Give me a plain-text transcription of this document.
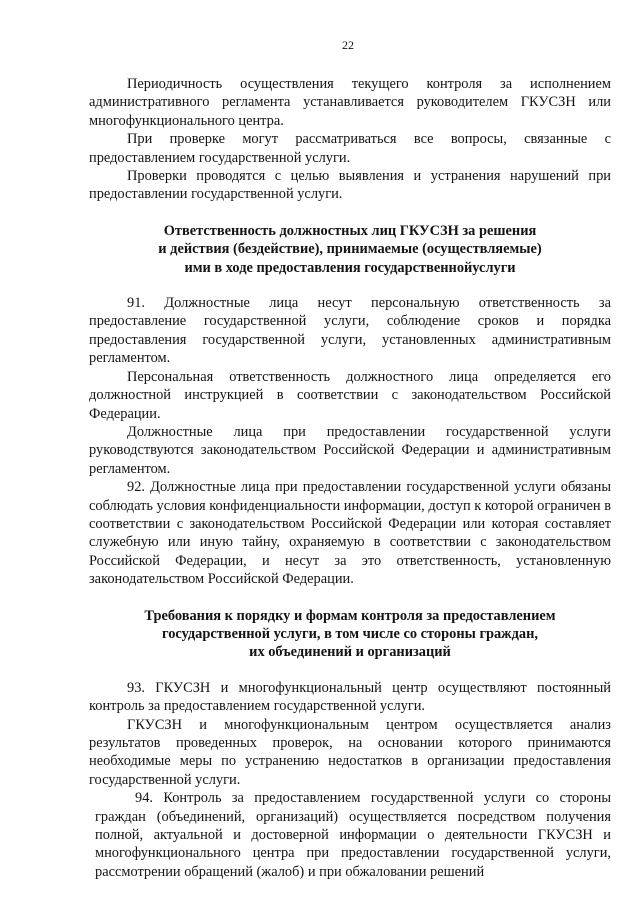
22

Периодичность осуществления текущего контроля за исполнением административного регламента устанавливается руководителем ГКУСЗН или многофункционального центра.

При проверке могут рассматриваться все вопросы, связанные с предоставлением государственной услуги.

Проверки проводятся с целью выявления и устранения нарушений при предоставлении государственной услуги.

Ответственность должностных лиц ГКУСЗН за решения
и действия (бездействие), принимаемые (осуществляемые)
ими в ходе предоставления государственнойуслуги

91. Должностные лица несут персональную ответственность за предоставление государственной услуги, соблюдение сроков и порядка предоставления государственной услуги, установленных административным регламентом.

Персональная ответственность должностного лица определяется его должностной инструкцией в соответствии с законодательством Российской Федерации.

Должностные лица при предоставлении государственной услуги руководствуются законодательством Российской Федерации и административным регламентом.

92. Должностные лица при предоставлении государственной услуги обязаны соблюдать условия конфиденциальности информации, доступ к которой ограничен в соответствии с законодательством Российской Федерации или которая составляет служебную или иную тайну, охраняемую в соответствии с законодательством Российской Федерации, и несут за это ответственность, установленную законодательством Российской Федерации.

Требования к порядку и формам контроля за предоставлением
государственной услуги, в том числе со стороны граждан,
их объединений и организаций

93. ГКУСЗН и многофункциональный центр осуществляют постоянный контроль за предоставлением государственной услуги.

ГКУСЗН и многофункциональным центром осуществляется анализ результатов проведенных проверок, на основании которого принимаются необходимые меры по устранению недостатков в организации предоставления государственной услуги.

94. Контроль за предоставлением государственной услуги со стороны граждан (объединений, организаций) осуществляется посредством получения полной, актуальной и достоверной информации о деятельности ГКУСЗН и многофункционального центра при предоставлении государственной услуги, рассмотрении обращений (жалоб) и при обжаловании решений
